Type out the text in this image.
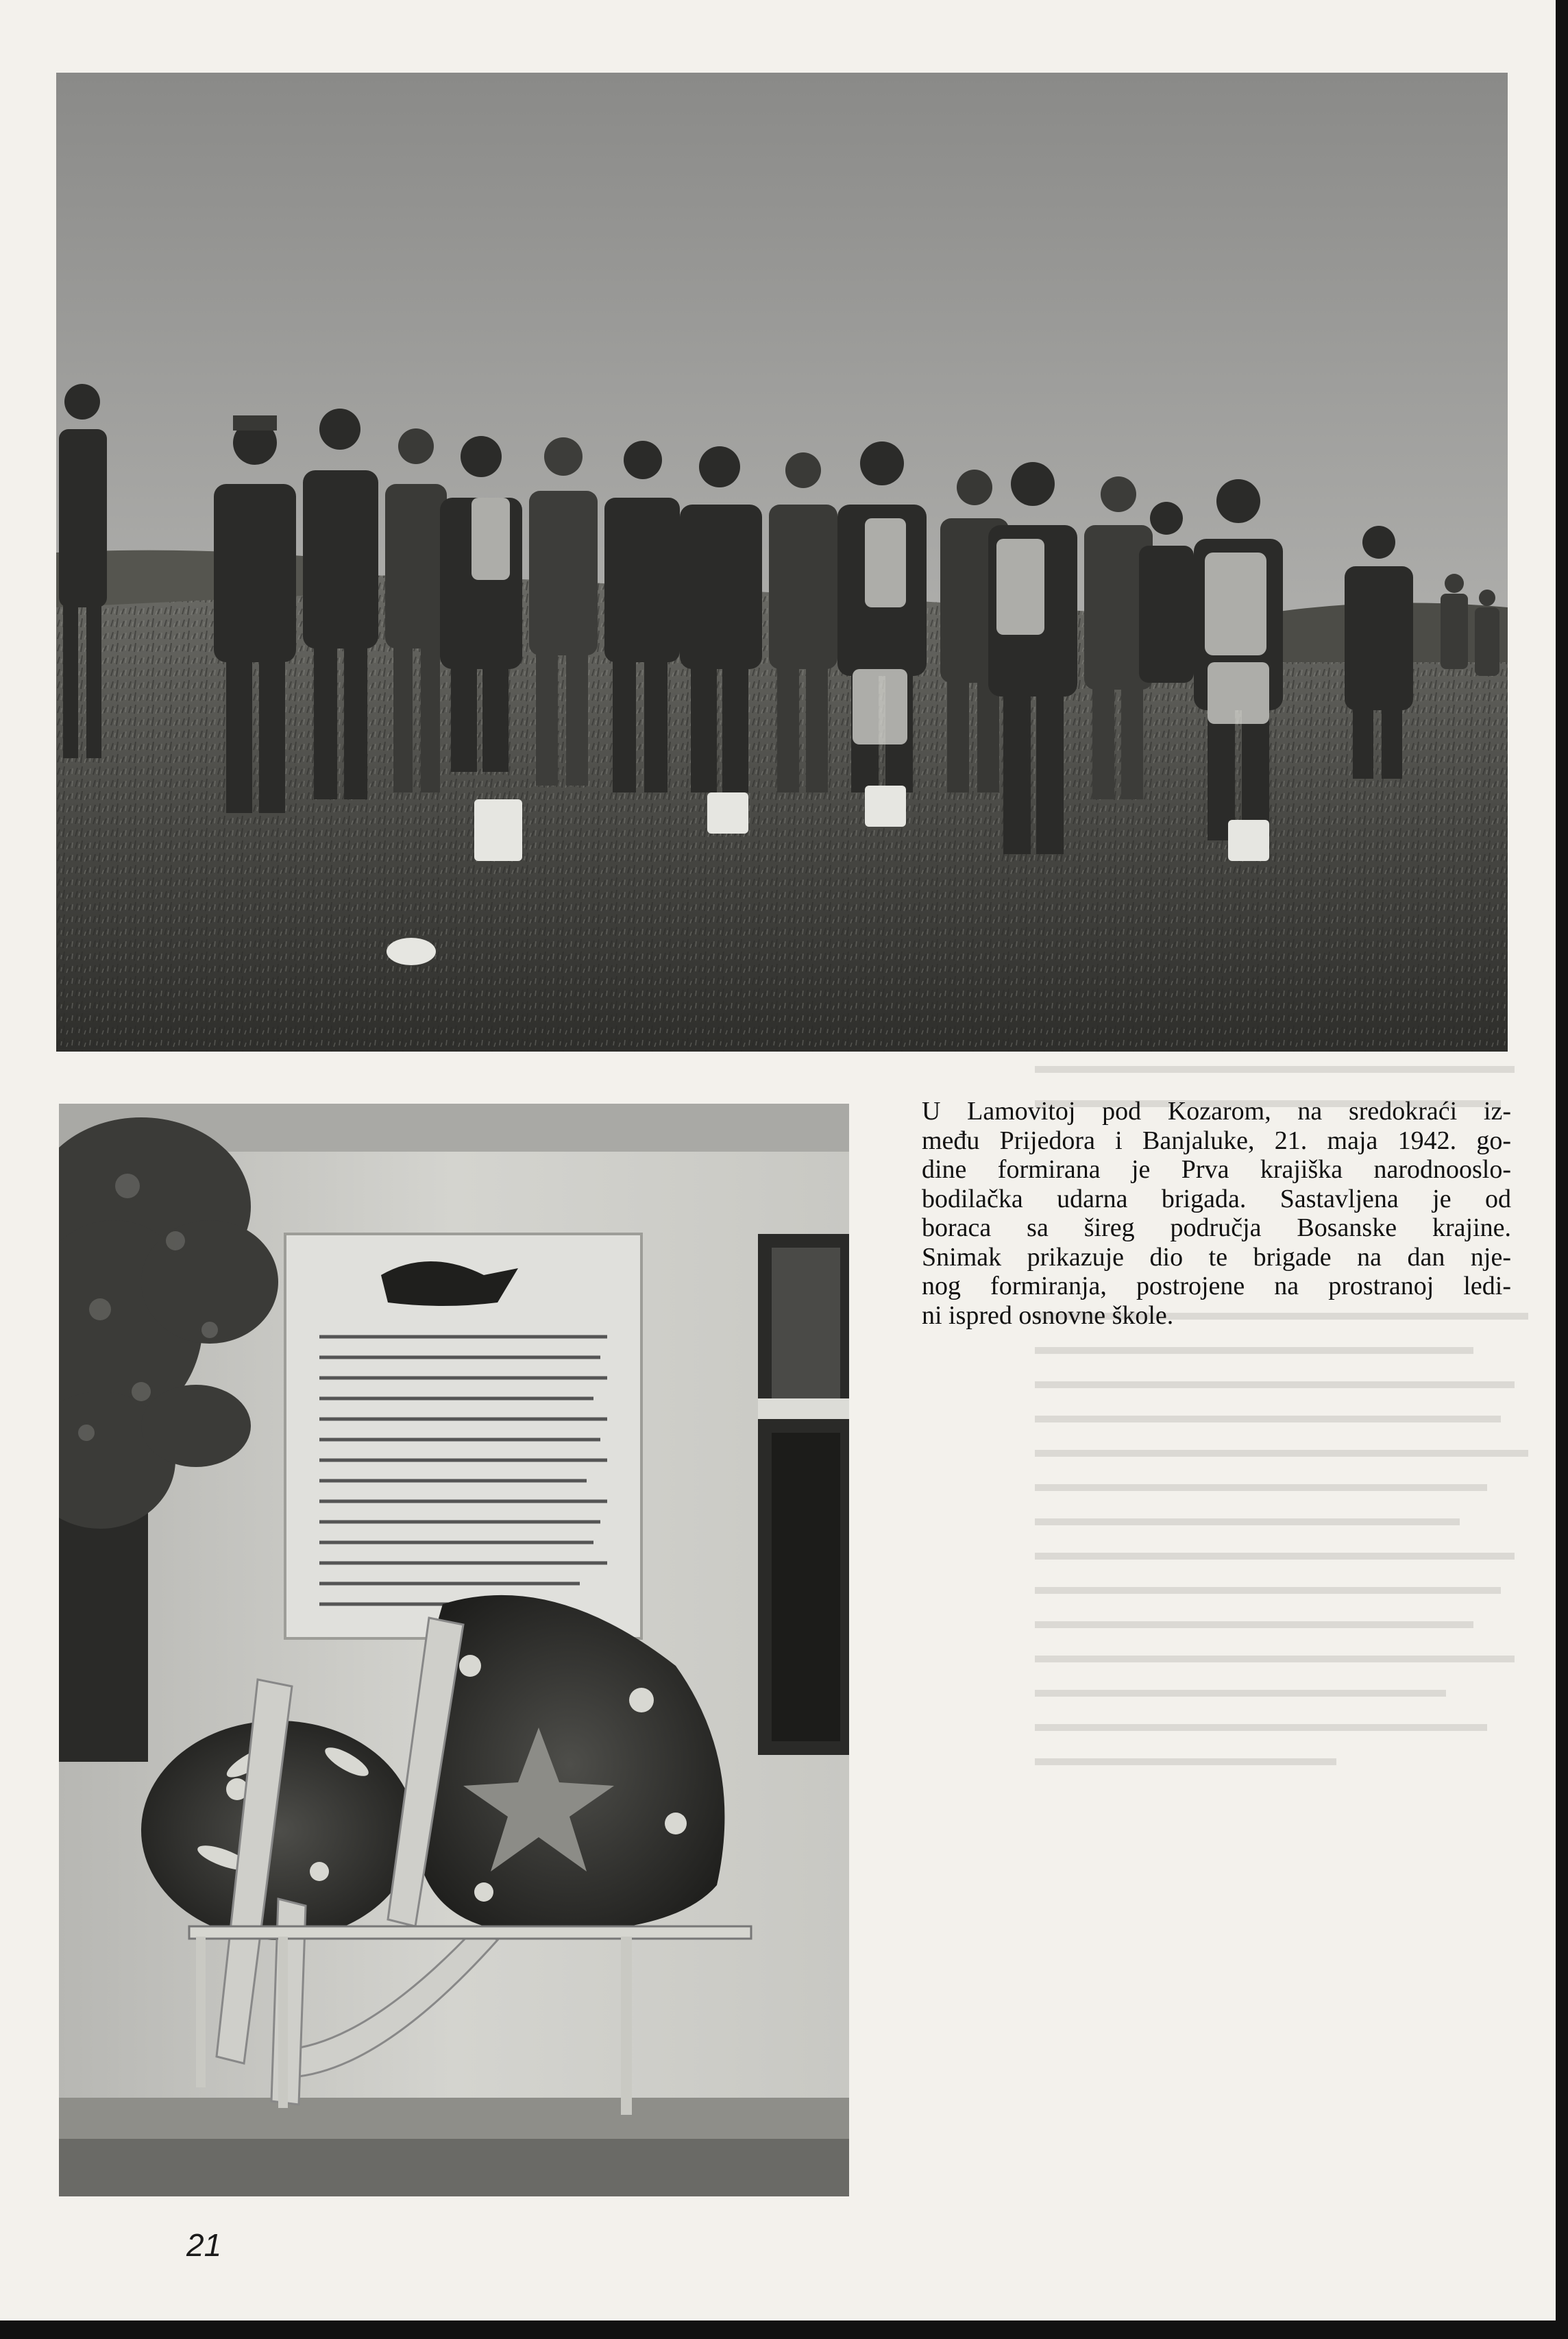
U Lamovitoj pod Kozarom, na sredokraći iz-
među Prijedora i Banjaluke, 21. maja 1942. go-
dine formirana je Prva krajiška narodnooslo-
bodilačka udarna brigada. Sastavljena je od
boraca sa šireg područja Bosanske krajine.
Snimak prikazuje dio te brigade na dan nje-
nog formiranja, postrojene na prostranoj ledi-
ni ispred osnovne škole.
21
